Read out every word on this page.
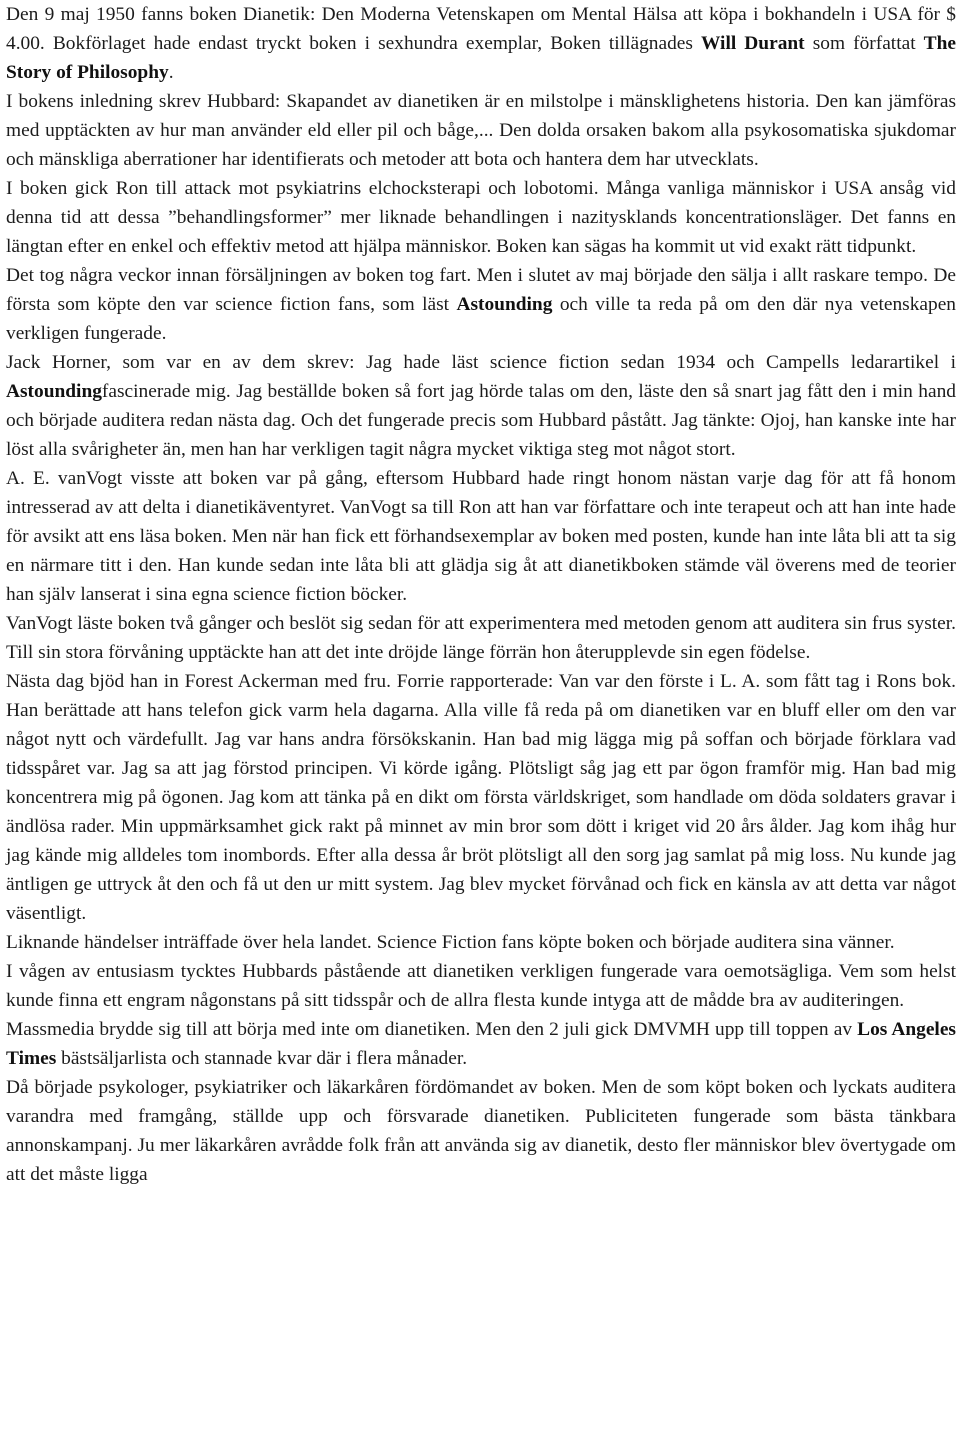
Den 9 maj 1950 fanns boken Dianetik: Den Moderna Vetenskapen om Mental Hälsa att köpa i bokhandeln i USA för $ 4.00. Bokförlaget hade endast tryckt boken i sexhundra exemplar, Boken tillägnades Will Durant som författat The Story of Philosophy.

I bokens inledning skrev Hubbard: Skapandet av dianetiken är en milstolpe i mänsklighetens historia. Den kan jämföras med upptäckten av hur man använder eld eller pil och båge,... Den dolda orsaken bakom alla psykosomatiska sjukdomar och mänskliga aberrationer har identifierats och metoder att bota och hantera dem har utvecklats.

I boken gick Ron till attack mot psykiatrins elchocksterapi och lobotomi. Många vanliga människor i USA ansåg vid denna tid att dessa ”behandlingsformer” mer liknade behandlingen i nazitysklands koncentrationsläger. Det fanns en längtan efter en enkel och effektiv metod att hjälpa människor. Boken kan sägas ha kommit ut vid exakt rätt tidpunkt.

Det tog några veckor innan försäljningen av boken tog fart. Men i slutet av maj började den sälja i allt raskare tempo. De första som köpte den var science fiction fans, som läst Astounding och ville ta reda på om den där nya vetenskapen verkligen fungerade.

Jack Horner, som var en av dem skrev: Jag hade läst science fiction sedan 1934 och Campells ledarartikel i Astoundingfascinerade mig. Jag beställde boken så fort jag hörde talas om den, läste den så snart jag fått den i min hand och började auditera redan nästa dag. Och det fungerade precis som Hubbard påstått. Jag tänkte: Ojoj, han kanske inte har löst alla svårigheter än, men han har verkligen tagit några mycket viktiga steg mot något stort.

A. E. vanVogt visste att boken var på gång, eftersom Hubbard hade ringt honom nästan varje dag för att få honom intresserad av att delta i dianetikäventyret. VanVogt sa till Ron att han var författare och inte terapeut och att han inte hade för avsikt att ens läsa boken. Men när han fick ett förhandsexemplar av boken med posten, kunde han inte låta bli att ta sig en närmare titt i den. Han kunde sedan inte låta bli att glädja sig åt att dianetikboken stämde väl överens med de teorier han själv lanserat i sina egna science fiction böcker.

VanVogt läste boken två gånger och beslöt sig sedan för att experimentera med metoden genom att auditera sin frus syster. Till sin stora förvåning upptäckte han att det inte dröjde länge förrän hon återupplevde sin egen födelse.

Nästa dag bjöd han in Forest Ackerman med fru. Forrie rapporterade: Van var den förste i L. A. som fått tag i Rons bok. Han berättade att hans telefon gick varm hela dagarna. Alla ville få reda på om dianetiken var en bluff eller om den var något nytt och värdefullt. Jag var hans andra försökskanin. Han bad mig lägga mig på soffan och började förklara vad tidsspåret var. Jag sa att jag förstod principen. Vi körde igång. Plötsligt såg jag ett par ögon framför mig. Han bad mig koncentrera mig på ögonen. Jag kom att tänka på en dikt om första världskriget, som handlade om döda soldaters gravar i ändlösa rader. Min uppmärksamhet gick rakt på minnet av min bror som dött i kriget vid 20 års ålder. Jag kom ihåg hur jag kände mig alldeles tom inombords. Efter alla dessa år bröt plötsligt all den sorg jag samlat på mig loss. Nu kunde jag äntligen ge uttryck åt den och få ut den ur mitt system. Jag blev mycket förvånad och fick en känsla av att detta var något väsentligt.

Liknande händelser inträffade över hela landet. Science Fiction fans köpte boken och började auditera sina vänner.

I vågen av entusiasm tycktes Hubbards påstående att dianetiken verkligen fungerade vara oemotsägliga. Vem som helst kunde finna ett engram någonstans på sitt tidsspår och de allra flesta kunde intyga att de mådde bra av auditeringen.

Massmedia brydde sig till att börja med inte om dianetiken. Men den 2 juli gick DMVMH upp till toppen av Los Angeles Times bästsäljarlista och stannade kvar där i flera månader.

Då började psykologer, psykiatriker och läkarkåren fördömandet av boken. Men de som köpt boken och lyckats auditera varandra med framgång, ställde upp och försvarade dianetiken. Publiciteten fungerade som bästa tänkbara annonskampanj. Ju mer läkarkåren avrådde folk från att använda sig av dianetik, desto fler människor blev övertygade om att det måste ligga
